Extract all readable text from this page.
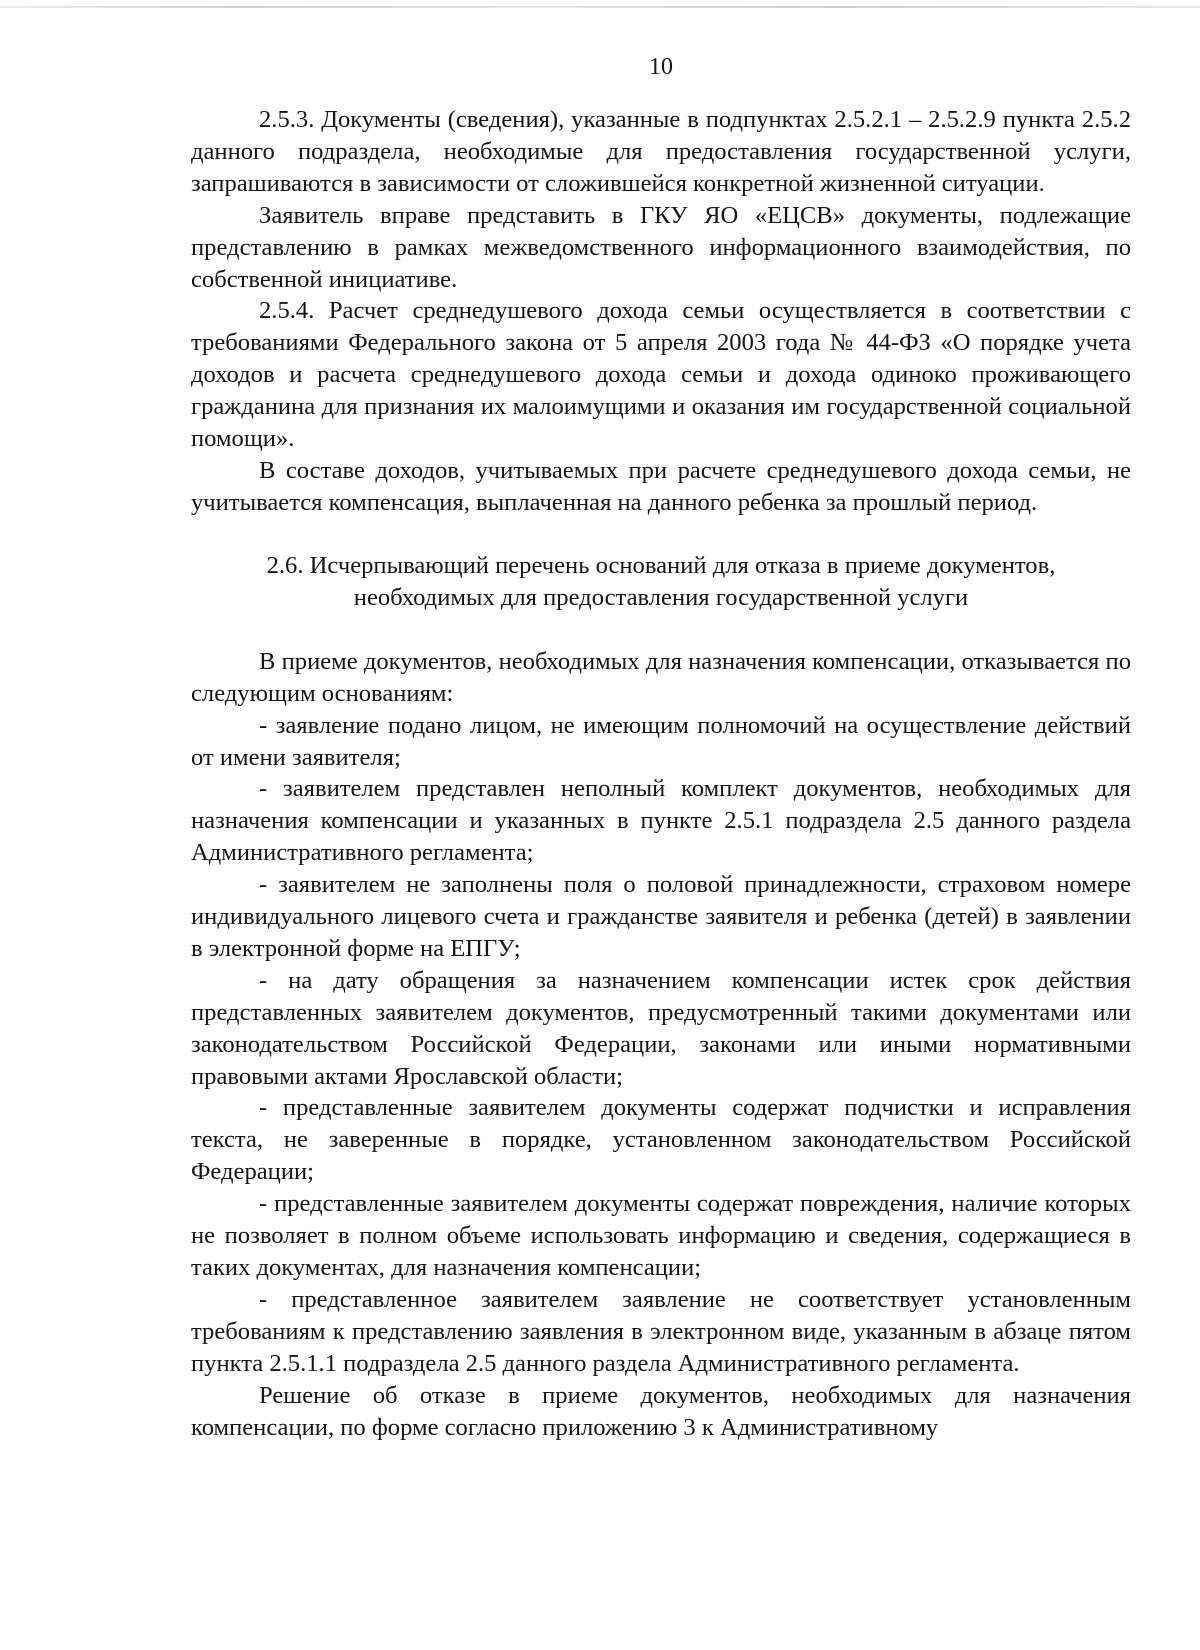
10

2.5.3. Документы (сведения), указанные в подпунктах 2.5.2.1 – 2.5.2.9 пункта 2.5.2 данного подраздела, необходимые для предоставления государственной услуги, запрашиваются в зависимости от сложившейся конкретной жизненной ситуации.

Заявитель вправе представить в ГКУ ЯО «ЕЦСВ» документы, подлежащие представлению в рамках межведомственного информационного взаимодействия, по собственной инициативе.

2.5.4. Расчет среднедушевого дохода семьи осуществляется в соответствии с требованиями Федерального закона от 5 апреля 2003 года № 44-ФЗ «О порядке учета доходов и расчета среднедушевого дохода семьи и дохода одиноко проживающего гражданина для признания их малоимущими и оказания им государственной социальной помощи».

В составе доходов, учитываемых при расчете среднедушевого дохода семьи, не учитывается компенсация, выплаченная на данного ребенка за прошлый период.

2.6. Исчерпывающий перечень оснований для отказа в приеме документов,
необходимых для предоставления государственной услуги

В приеме документов, необходимых для назначения компенсации, отказывается по следующим основаниям:

- заявление подано лицом, не имеющим полномочий на осуществление действий от имени заявителя;

- заявителем представлен неполный комплект документов, необходимых для назначения компенсации и указанных в пункте 2.5.1 подраздела 2.5 данного раздела Административного регламента;

- заявителем не заполнены поля о половой принадлежности, страховом номере индивидуального лицевого счета и гражданстве заявителя и ребенка (детей) в заявлении в электронной форме на ЕПГУ;

- на дату обращения за назначением компенсации истек срок действия представленных заявителем документов, предусмотренный такими документами или законодательством Российской Федерации, законами или иными нормативными правовыми актами Ярославской области;

- представленные заявителем документы содержат подчистки и исправления текста, не заверенные в порядке, установленном законодательством Российской Федерации;

- представленные заявителем документы содержат повреждения, наличие которых не позволяет в полном объеме использовать информацию и сведения, содержащиеся в таких документах, для назначения компенсации;

- представленное заявителем заявление не соответствует установленным требованиям к представлению заявления в электронном виде, указанным в абзаце пятом пункта 2.5.1.1 подраздела 2.5 данного раздела Административного регламента.

Решение об отказе в приеме документов, необходимых для назначения компенсации, по форме согласно приложению 3 к Административному
